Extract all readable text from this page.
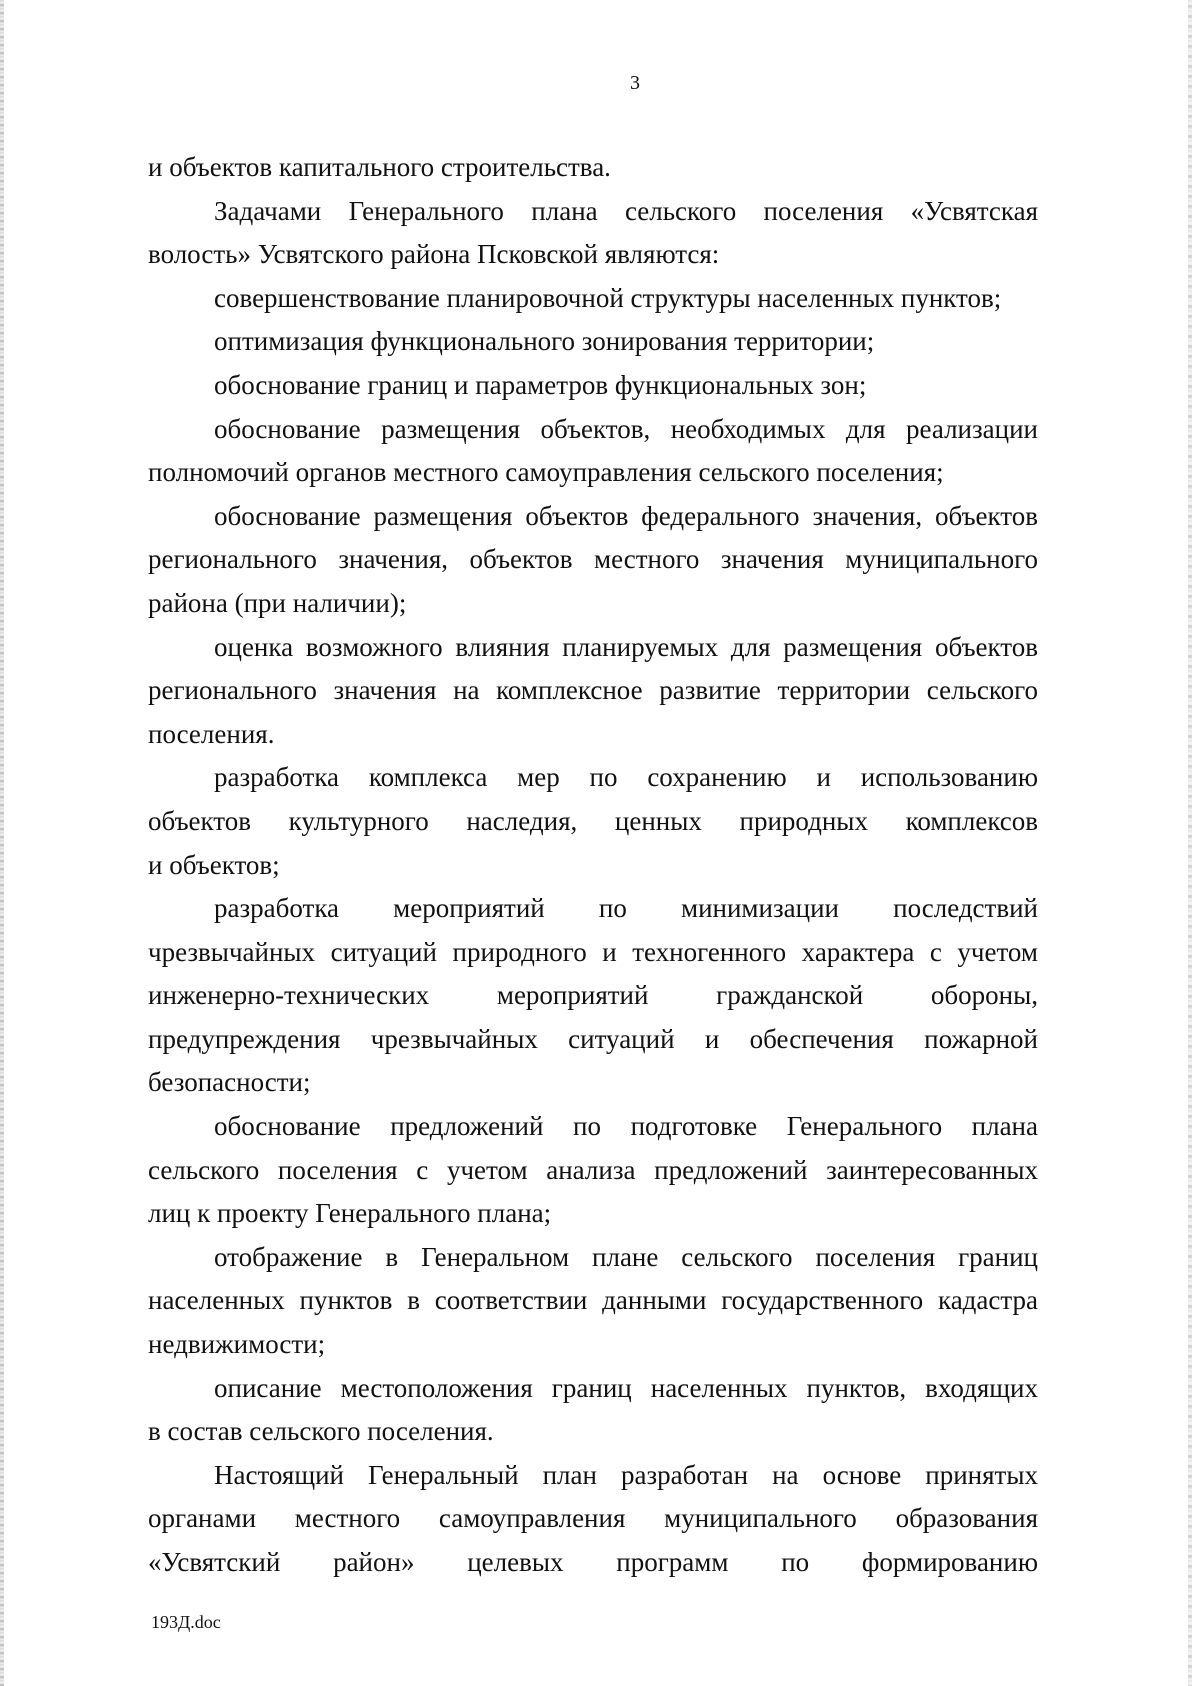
3
и объектов капитального строительства.
Задачами Генерального плана сельского поселения «Усвятская
волость» Усвятского района Псковской являются:
совершенствование планировочной структуры населенных пунктов;
оптимизация функционального зонирования территории;
обоснование границ и параметров функциональных зон;
обоснование размещения объектов, необходимых для реализации
полномочий органов местного самоуправления сельского поселения;
обоснование размещения объектов федерального значения, объектов
регионального значения, объектов местного значения муниципального
района (при наличии);
оценка возможного влияния планируемых для размещения объектов
регионального значения на комплексное развитие территории сельского
поселения.
разработка комплекса мер по сохранению и использованию
объектов культурного наследия, ценных природных комплексов
и объектов;
разработка мероприятий по минимизации последствий
чрезвычайных ситуаций природного и техногенного характера с учетом
инженерно-технических мероприятий гражданской обороны,
предупреждения чрезвычайных ситуаций и обеспечения пожарной
безопасности;
обоснование предложений по подготовке Генерального плана
сельского поселения с учетом анализа предложений заинтересованных
лиц к проекту Генерального плана;
отображение в Генеральном плане сельского поселения границ
населенных пунктов в соответствии данными государственного кадастра
недвижимости;
описание местоположения границ населенных пунктов, входящих
в состав сельского поселения.
Настоящий Генеральный план разработан на основе принятых
органами местного самоуправления муниципального образования
«Усвятский район» целевых программ по формированию
193Д.doc
